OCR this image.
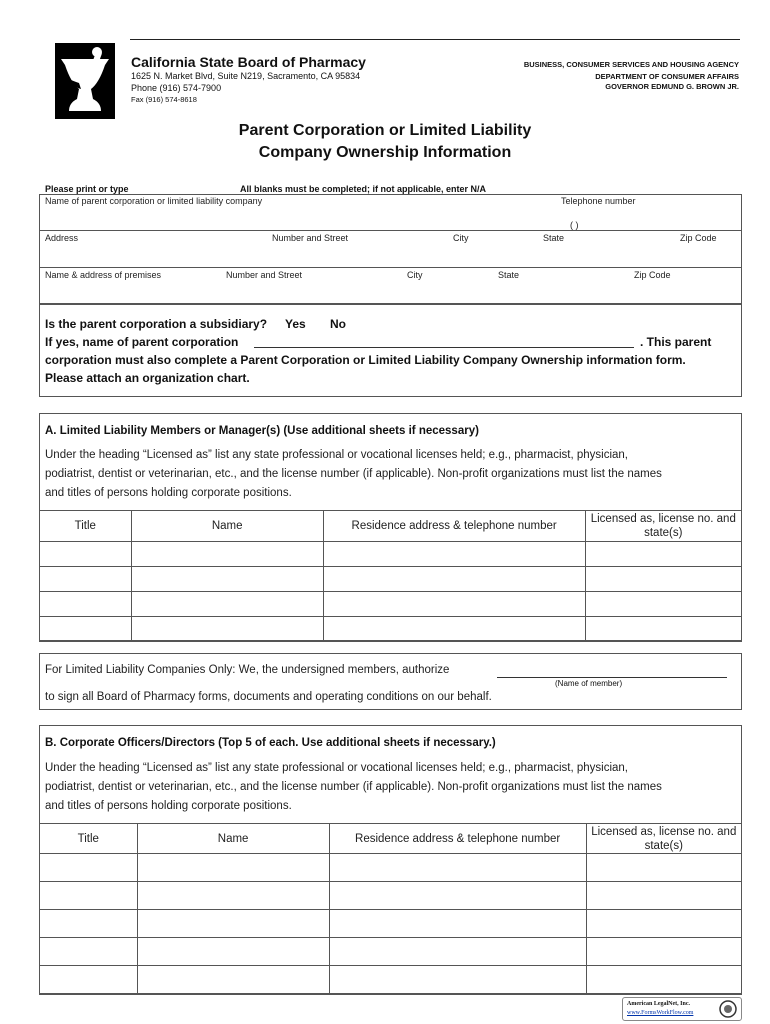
California State Board of Pharmacy
1625 N. Market Blvd, Suite N219, Sacramento, CA 95834
Phone (916) 574-7900
Fax (916) 574-8618
BUSINESS, CONSUMER SERVICES AND HOUSING AGENCY
DEPARTMENT OF CONSUMER AFFAIRS
GOVERNOR EDMUND G. BROWN JR.
Parent Corporation or Limited Liability
Company Ownership Information
Please print or type	All blanks must be completed; if not applicable, enter N/A
Name of parent corporation or limited liability company	Telephone number
( )
Address	Number and Street	City	State	Zip Code
Name & address of premises	Number and Street	City	State	Zip Code
Is the parent corporation a subsidiary? Yes No
If yes, name of parent corporation	. This parent
corporation must also complete a Parent Corporation or Limited Liability Company Ownership information form.
Please attach an organization chart.
A. Limited Liability Members or Manager(s) (Use additional sheets if necessary)
Under the heading “Licensed as” list any state professional or vocational licenses held; e.g., pharmacist, physician,
podiatrist, dentist or veterinarian, etc., and the license number (if applicable). Non-profit organizations must list the names
and titles of persons holding corporate positions.
Title	Name	Residence address & telephone number	Licensed as, license no. and state(s)

For Limited Liability Companies Only: We, the undersigned members, authorize
(Name of member)
to sign all Board of Pharmacy forms, documents and operating conditions on our behalf.
B. Corporate Officers/Directors (Top 5 of each. Use additional sheets if necessary.)
Under the heading “Licensed as” list any state professional or vocational licenses held; e.g., pharmacist, physician,
podiatrist, dentist or veterinarian, etc., and the license number (if applicable). Non-profit organizations must list the names
and titles of persons holding corporate positions.
Title	Name	Residence address & telephone number	Licensed as, license no. and state(s)

American LegalNet, Inc.
www.FormsWorkFlow.com
